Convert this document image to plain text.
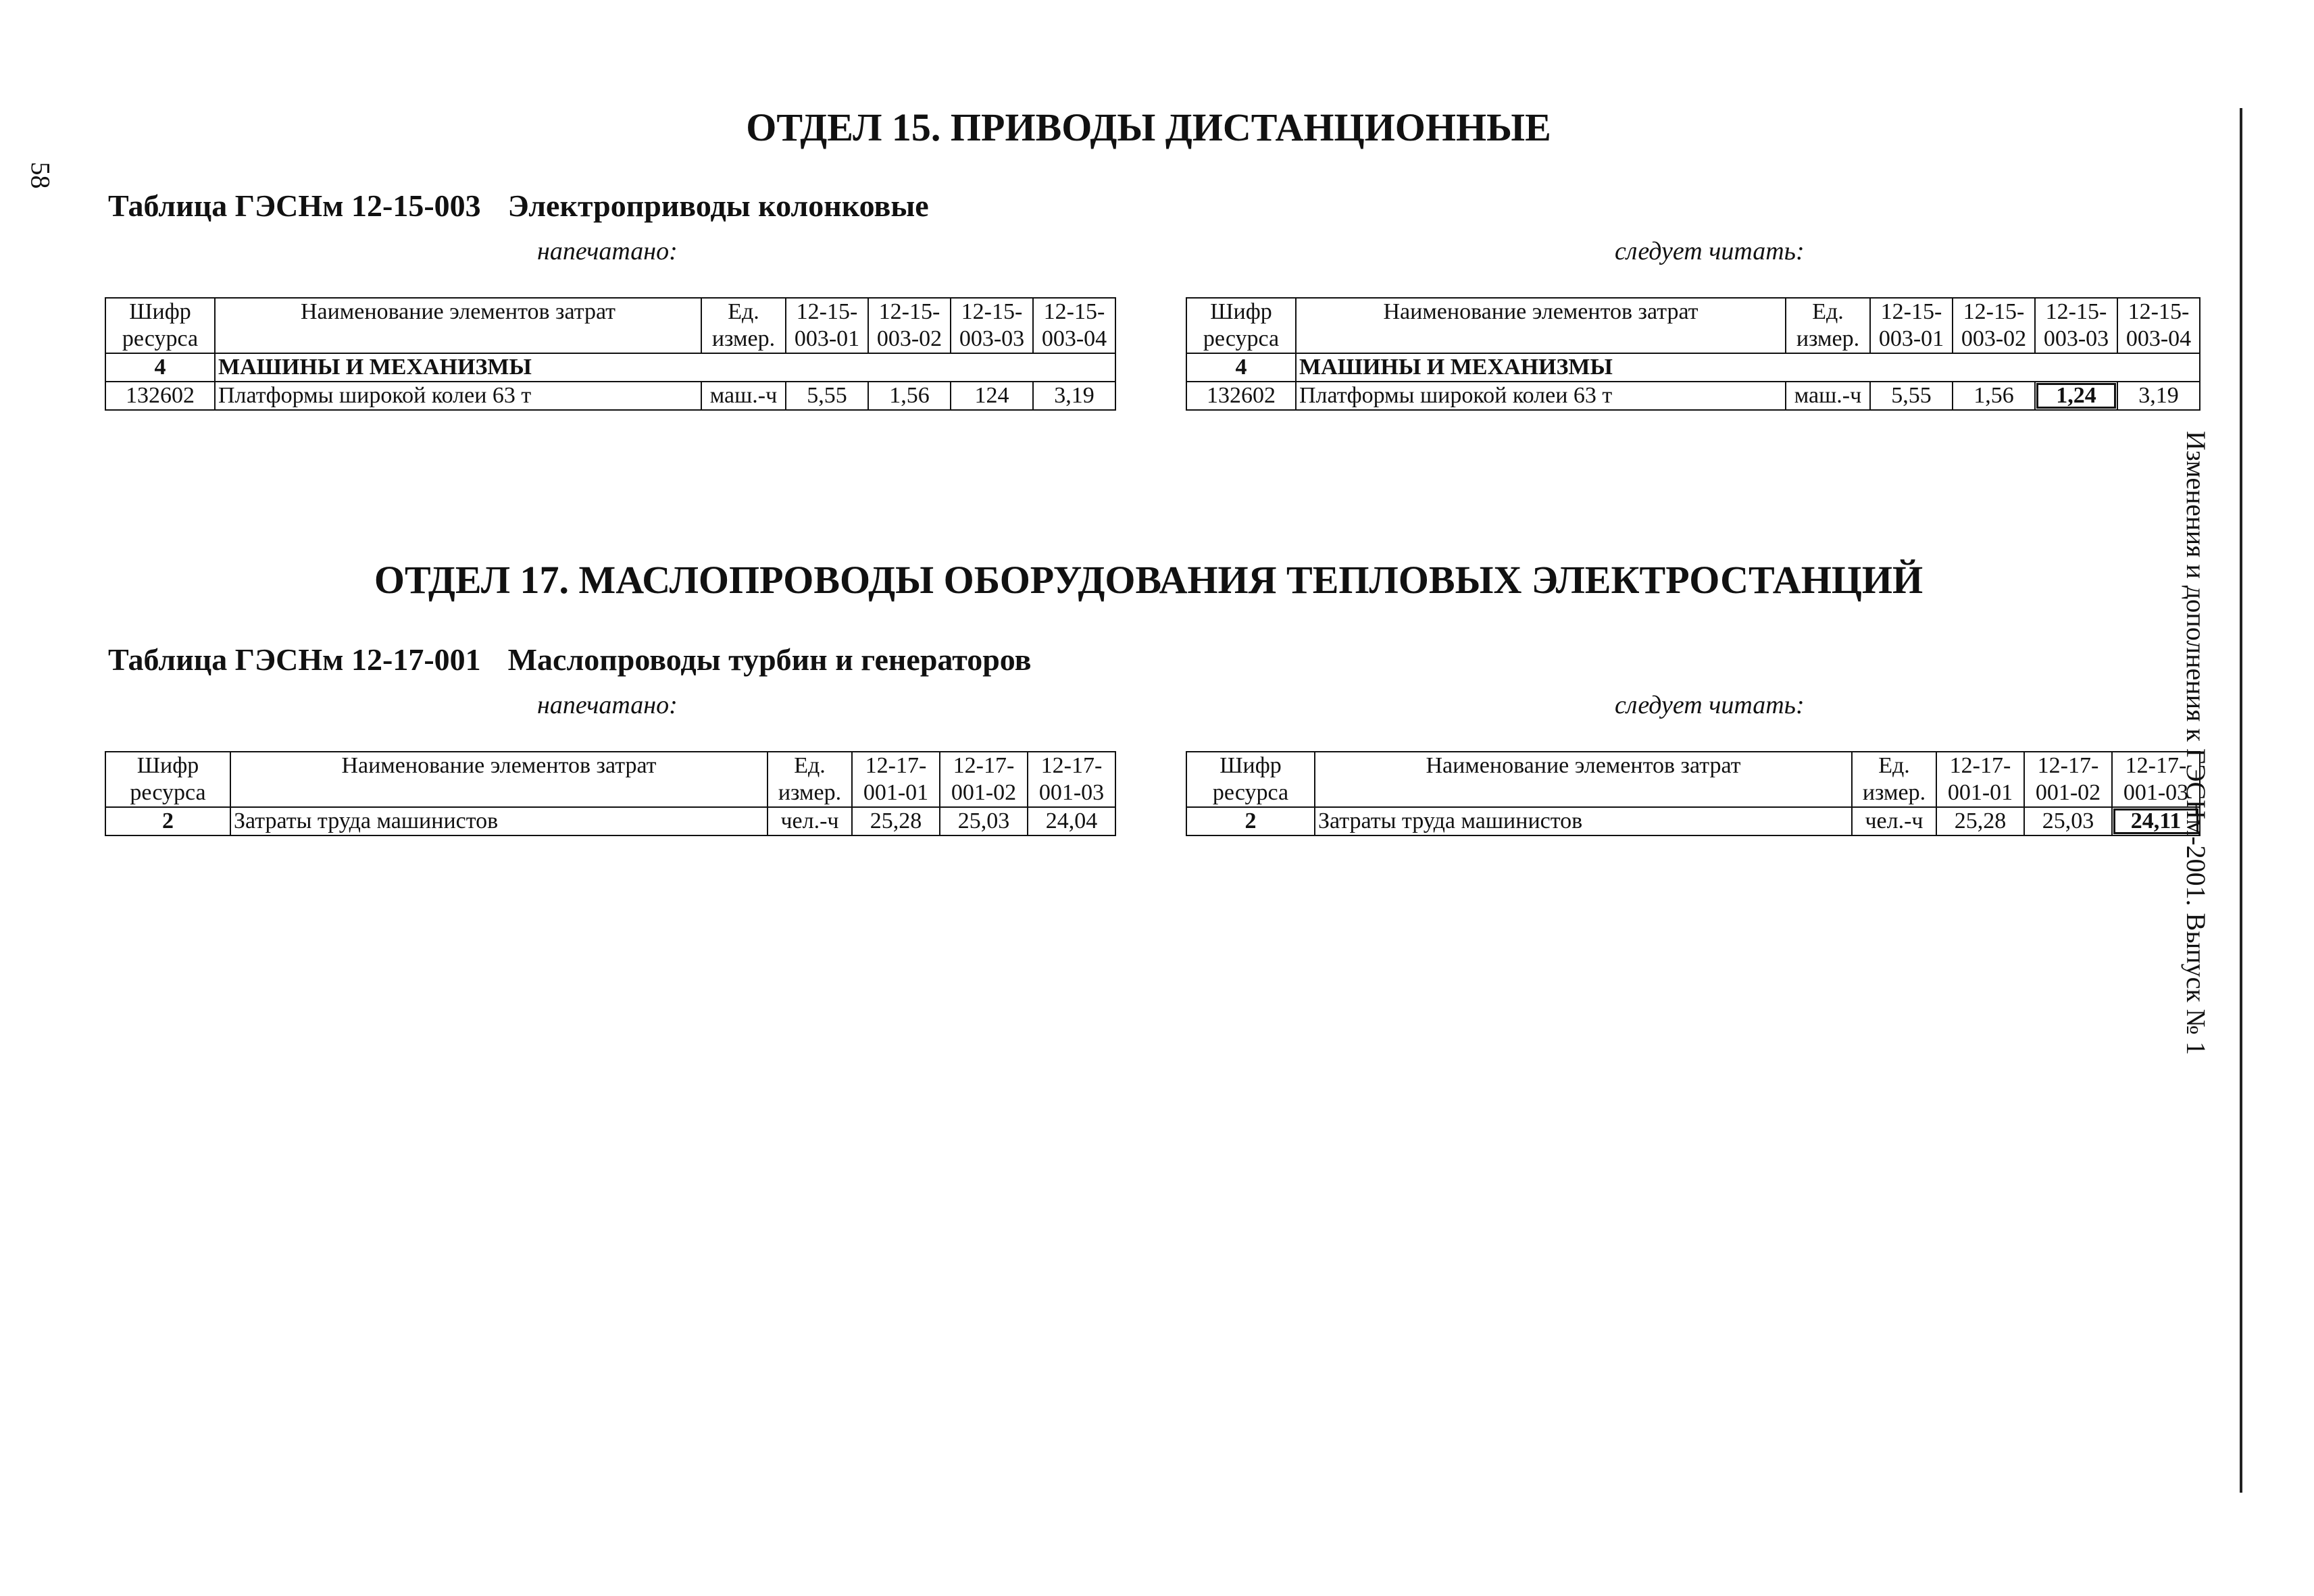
58
Изменения и дополнения к ГЭСНм-2001. Выпуск № 1
ОТДЕЛ 15. ПРИВОДЫ ДИСТАНЦИОННЫЕ
Таблица ГЭСНм 12-15-003 Электроприводы колонковые
напечатано:	следует читать:
Шифр ресурса	Наименование элементов затрат	Ед. измер.	12-15-003-01	12-15-003-02	12-15-003-03	12-15-003-04
4	МАШИНЫ И МЕХАНИЗМЫ					
132602	Платформы широкой колеи 63 т	маш.-ч	5,55	1,56	124	3,19
Шифр ресурса	Наименование элементов затрат	Ед. измер.	12-15-003-01	12-15-003-02	12-15-003-03	12-15-003-04
4	МАШИНЫ И МЕХАНИЗМЫ					
132602	Платформы широкой колеи 63 т	маш.-ч	5,55	1,56	1,24	3,19
ОТДЕЛ 17. МАСЛОПРОВОДЫ ОБОРУДОВАНИЯ ТЕПЛОВЫХ ЭЛЕКТРОСТАНЦИЙ
Таблица ГЭСНм 12-17-001 Маслопроводы турбин и генераторов
напечатано:	следует читать:
Шифр ресурса	Наименование элементов затрат	Ед. измер.	12-17-001-01	12-17-001-02	12-17-001-03
2	Затраты труда машинистов	чел.-ч	25,28	25,03	24,04
Шифр ресурса	Наименование элементов затрат	Ед. измер.	12-17-001-01	12-17-001-02	12-17-001-03
2	Затраты труда машинистов	чел.-ч	25,28	25,03	24,11
